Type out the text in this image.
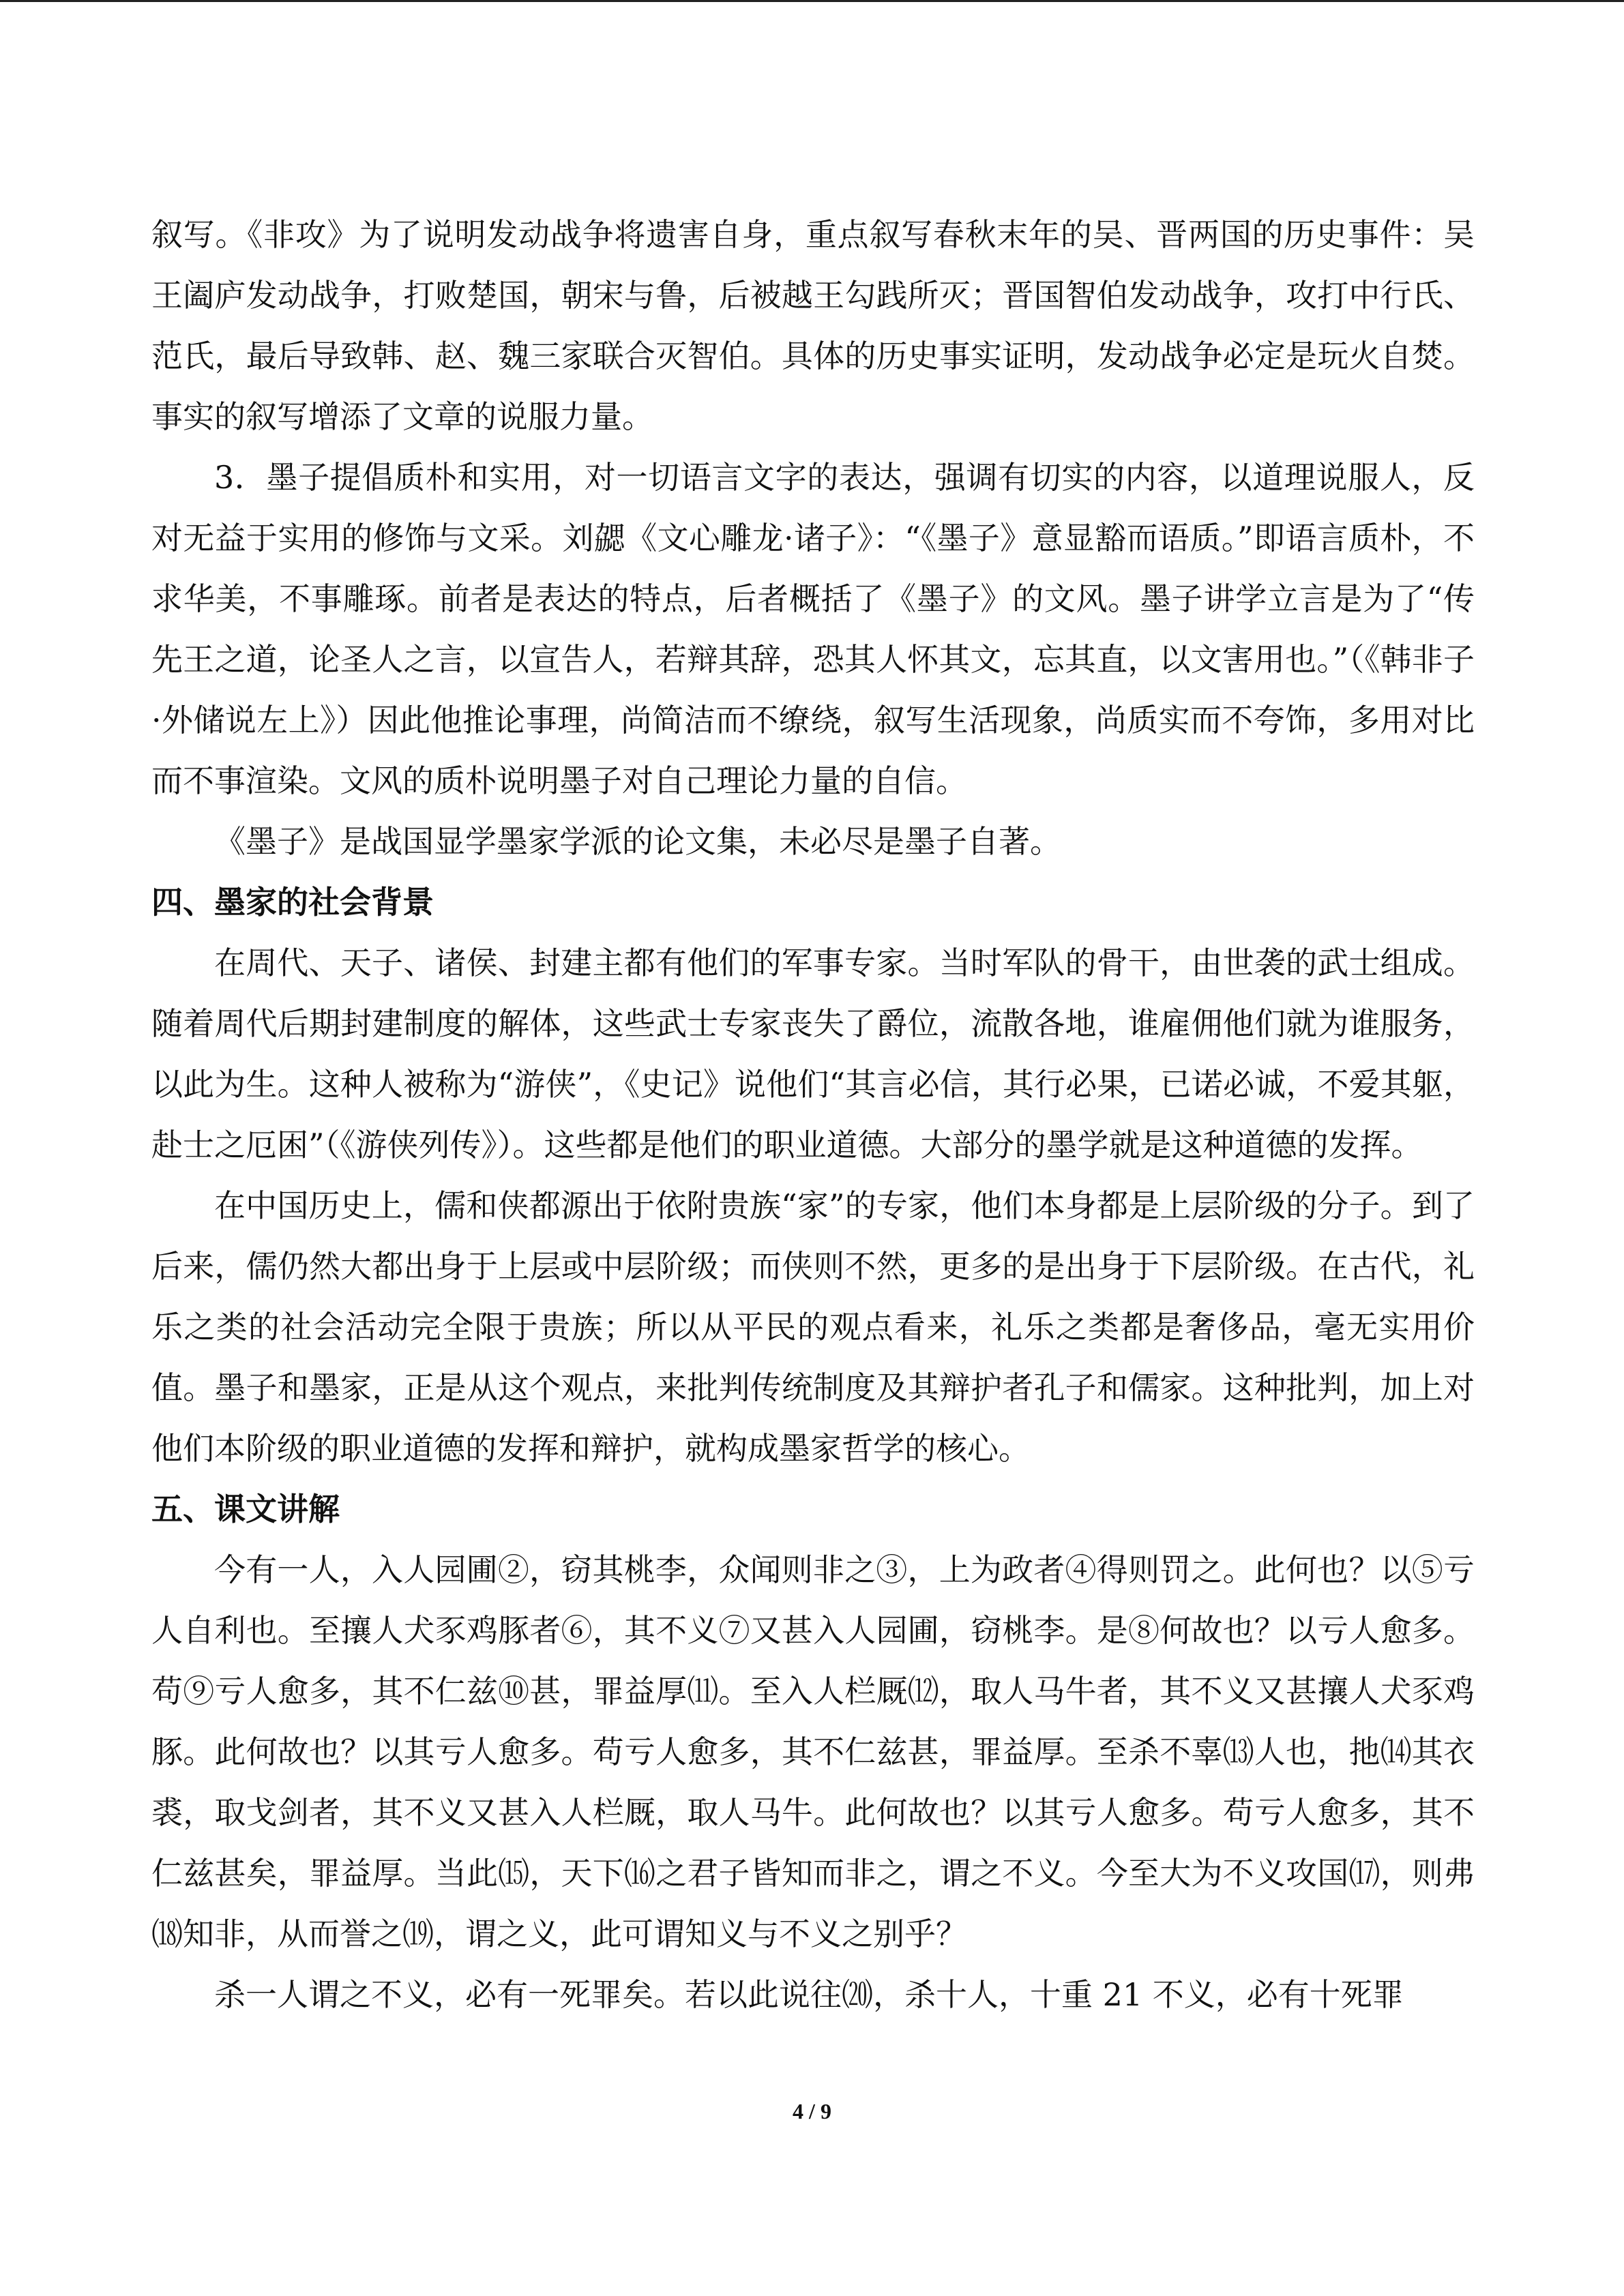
叙写。《非攻》为了说明发动战争将遗害自身，重点叙写春秋末年的吴、晋两国的历史事件：吴王阖庐发动战争，打败楚国，朝宋与鲁，后被越王勾践所灭；晋国智伯发动战争，攻打中行氏、范氏，最后导致韩、赵、魏三家联合灭智伯。具体的历史事实证明，发动战争必定是玩火自焚。事实的叙写增添了文章的说服力量。

3．墨子提倡质朴和实用，对一切语言文字的表达，强调有切实的内容，以道理说服人，反对无益于实用的修饰与文采。刘勰《文心雕龙·诸子》：“《墨子》意显豁而语质。”即语言质朴，不求华美，不事雕琢。前者是表达的特点，后者概括了《墨子》的文风。墨子讲学立言是为了“传先王之道，论圣人之言，以宣告人，若辩其辞，恐其人怀其文，忘其直，以文害用也。”（《韩非子·外储说左上》）因此他推论事理，尚简洁而不缭绕，叙写生活现象，尚质实而不夸饰，多用对比而不事渲染。文风的质朴说明墨子对自己理论力量的自信。

《墨子》是战国显学墨家学派的论文集，未必尽是墨子自著。

四、墨家的社会背景

在周代、天子、诸侯、封建主都有他们的军事专家。当时军队的骨干，由世袭的武士组成。随着周代后期封建制度的解体，这些武士专家丧失了爵位，流散各地，谁雇佣他们就为谁服务，以此为生。这种人被称为“游侠”，《史记》说他们“其言必信，其行必果，已诺必诚，不爱其躯，赴士之厄困”（《游侠列传》）。这些都是他们的职业道德。大部分的墨学就是这种道德的发挥。

在中国历史上，儒和侠都源出于依附贵族“家”的专家，他们本身都是上层阶级的分子。到了后来，儒仍然大都出身于上层或中层阶级；而侠则不然，更多的是出身于下层阶级。在古代，礼乐之类的社会活动完全限于贵族；所以从平民的观点看来，礼乐之类都是奢侈品，毫无实用价值。墨子和墨家，正是从这个观点，来批判传统制度及其辩护者孔子和儒家。这种批判，加上对他们本阶级的职业道德的发挥和辩护，就构成墨家哲学的核心。

五、课文讲解

今有一人，入人园圃②，窃其桃李，众闻则非之③，上为政者④得则罚之。此何也？以⑤亏人自利也。至攘人犬豕鸡豚者⑥，其不义⑦又甚入人园圃，窃桃李。是⑧何故也？以亏人愈多。苟⑨亏人愈多，其不仁兹⑩甚，罪益厚⑾。至入人栏厩⑿，取人马牛者，其不义又甚攘人犬豕鸡豚。此何故也？以其亏人愈多。苟亏人愈多，其不仁兹甚，罪益厚。至杀不辜⒀人也，扡⒁其衣裘，取戈剑者，其不义又甚入人栏厩，取人马牛。此何故也？以其亏人愈多。苟亏人愈多，其不仁兹甚矣，罪益厚。当此⒂，天下⒃之君子皆知而非之，谓之不义。今至大为不义攻国⒄，则弗⒅知非，从而誉之⒆，谓之义，此可谓知义与不义之别乎？

杀一人谓之不义，必有一死罪矣。若以此说往⒇，杀十人，十重 21 不义，必有十死罪

4 / 9
